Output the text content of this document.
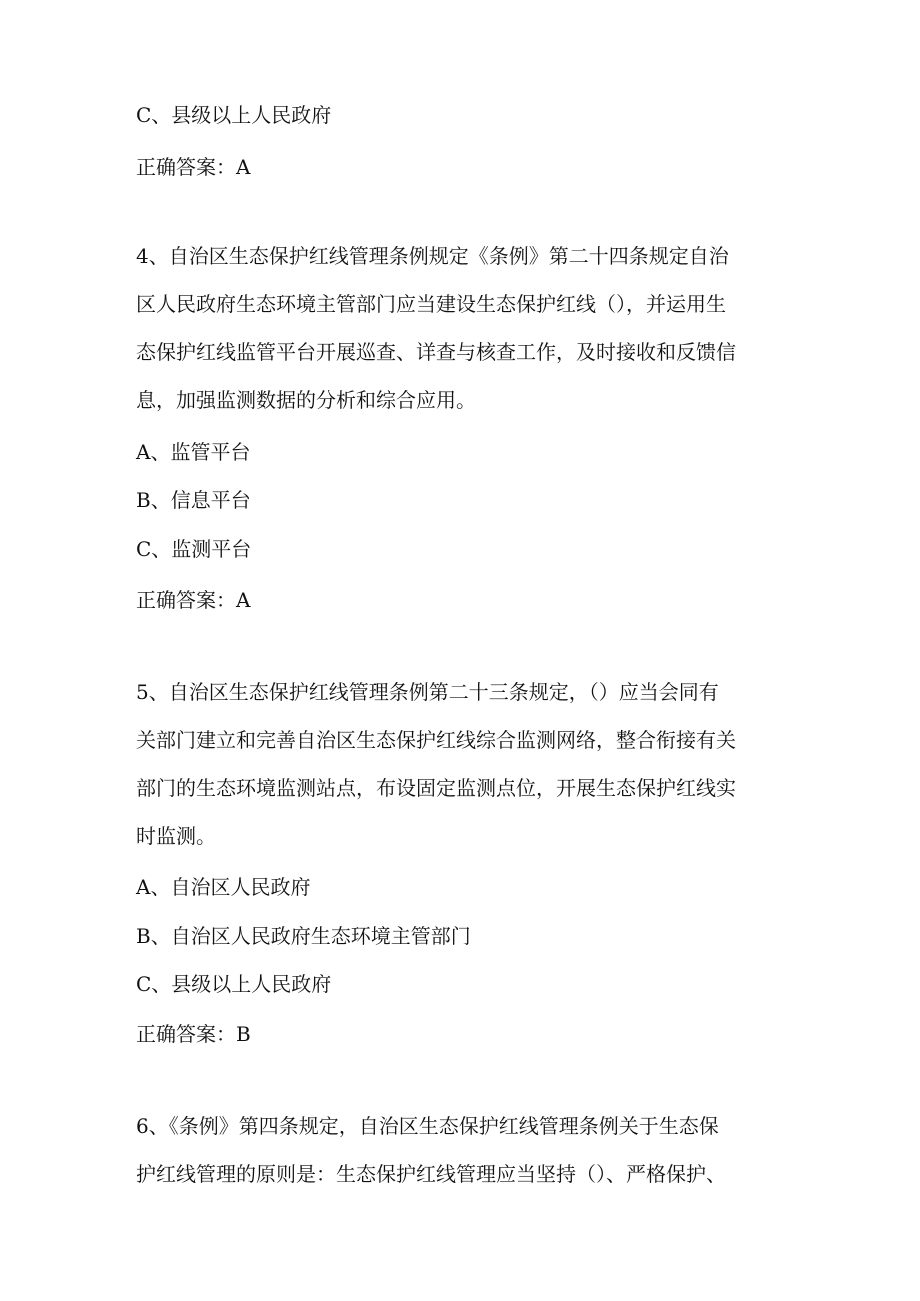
C、县级以上人民政府
正确答案：A
4、自治区生态保护红线管理条例规定《条例》第二十四条规定自治
区人民政府生态环境主管部门应当建设生态保护红线（），并运用生
态保护红线监管平台开展巡查、详查与核查工作，及时接收和反馈信
息，加强监测数据的分析和综合应用。
A、监管平台
B、信息平台
C、监测平台
正确答案：A
5、自治区生态保护红线管理条例第二十三条规定，（）应当会同有
关部门建立和完善自治区生态保护红线综合监测网络，整合衔接有关
部门的生态环境监测站点，布设固定监测点位，开展生态保护红线实
时监测。
A、自治区人民政府
B、自治区人民政府生态环境主管部门
C、县级以上人民政府
正确答案：B
6、《条例》第四条规定，自治区生态保护红线管理条例关于生态保
护红线管理的原则是：生态保护红线管理应当坚持（）、严格保护、
